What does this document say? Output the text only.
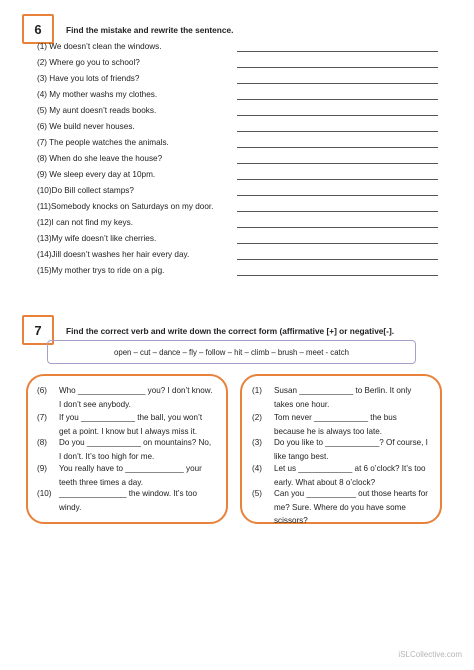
6	Find the mistake and rewrite the sentence.
(1) We doesn’t clean the windows.
(2) Where go you to school?
(3) Have you lots of friends?
(4) My mother washs my clothes.
(5) My aunt doesn’t reads books.
(6) We build never houses.
(7) The people watches the animals.
(8) When do she leave the house?
(9) We sleep every day at 10pm.
(10)Do Bill collect stamps?
(11)Somebody knocks on Saturdays on my door.
(12)I can not find my keys.
(13)My wife doesn’t like cherries.
(14)Jill doesn’t washes her hair every day.
(15)My mother trys to ride on a pig.
7	Find the correct verb and write down the correct form (affirmative [+] or negative[-].
open – cut – dance – fly – follow – hit – climb – brush – meet - catch
(6) Who _______________ you? I don’t know. I don’t see anybody.
(7) If you ____________ the ball, you won’t get a point. I know but I always miss it.
(8) Do you ____________ on mountains? No, I don’t. It’s too high for me.
(9) You really have to _____________ your teeth three times a day.
(10) _______________ the window. It’s too windy.
(1) Susan ____________ to Berlin. It only takes one hour.
(2) Tom never ____________ the bus because he is always too late.
(3) Do you like to ____________? Of course, I like tango best.
(4) Let us ____________ at 6 o’clock? It’s too early. What about 8 o’clock?
(5) Can you ___________ out those hearts for me? Sure. Where do you have some scissors?
iSLCollective.com
